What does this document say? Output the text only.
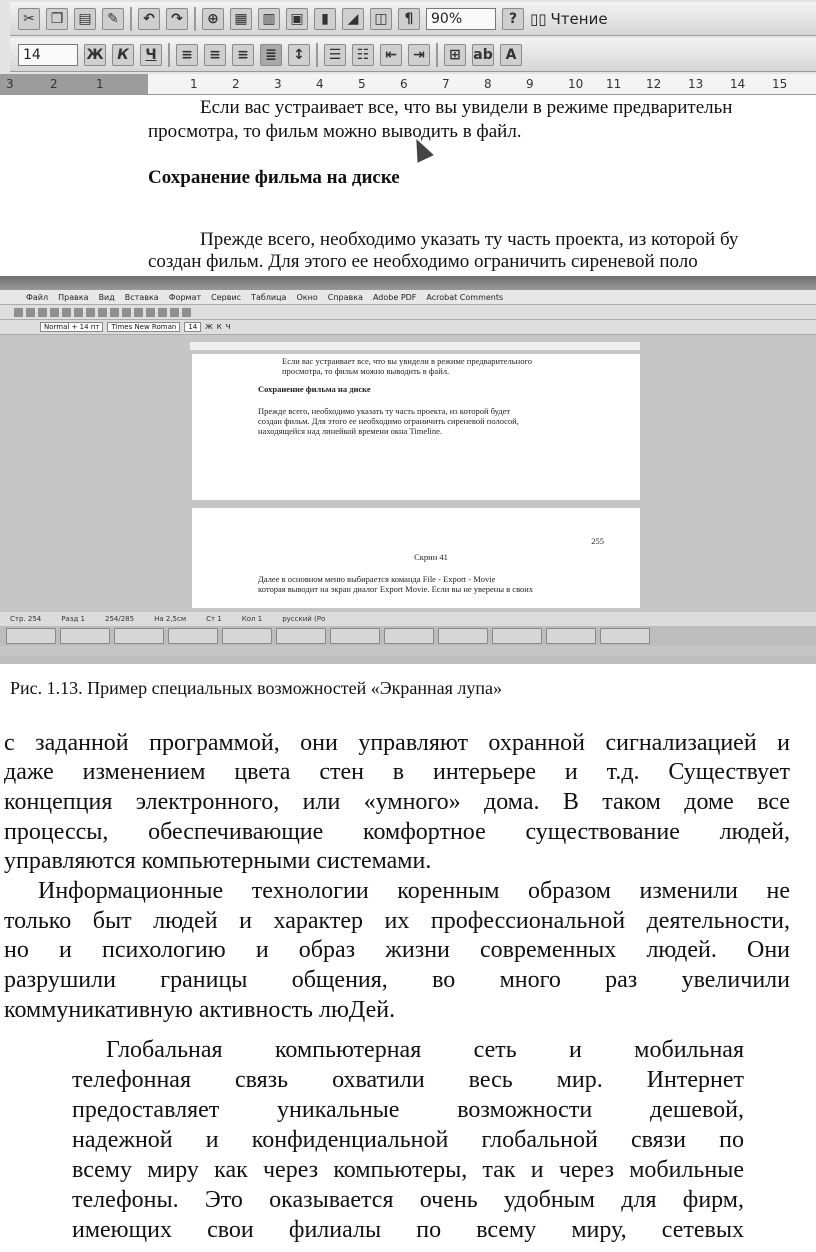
✂	❐	▤	✎	↶	↷	⊕	▦	▥	▣	▮	◢	◫	¶	90%	? ▯▯ Чтение
14	Ж К	Ч	≡	≡	≡	≣	↕	☰	☷	⇤	⇥	⊞ ab A
3	2	1	1	2	3	4	5	6	7	8	9	10 11 12 13 14 15

Если вас устраивает все, что вы увидели в режиме предварительн

просмотра, то фильм можно выводить в файл.

Сохранение фильма на диске

Прежде всего, необходимо указать ту часть проекта, из которой бу

создан фильм. Для этого ее необходимо ограничить сиреневой поло

Файл Правка Вид Вставка Формат Сервис Таблица Окно Справка Adobe PDF Acrobat Comments
Normal + 14 пт	Times New Roman	14	Ж К Ч

Если вас устраивает все, что вы увидели в режиме предварительного

просмотра, то фильм можно выводить в файл.

Сохранение фильма на диске

Прежде всего, необходимо указать ту часть проекта, из которой будет

создан фильм. Для этого ее необходимо ограничить сиреневой полосой,

находящейся над линейкой времени окна Timeline.

255

Скрин 41

Далее в основном меню выбирается команда File - Export - Movie

которая выводит на экран диалог Export Movie. Если вы не уверены в своих

Стр. 254	Разд 1	254/285	На 2,5см	Ст 1	Кол 1	русский (Ро
Рис. 1.13. Пример специальных возможностей «Экранная лупа»

с заданной программой, они управляют охранной сигнализацией и

даже изменением цвета стен в интерьере и т.д. Существует

концепция электронного, или «умного» дома. В таком доме все

процессы, обеспечивающие комфортное существование людей,

управляются компьютерными системами.

Информационные технологии коренным образом изменили не

только быт людей и характер их профессиональной деятельности,

но и психологию и образ жизни современных людей. Они

разрушили границы общения, во много раз увеличили

коммуникативную активность люДей.

Глобальная компьютерная сеть и мобильная

телефонная связь охватили весь мир. Интернет

предоставляет уникальные возможности дешевой,

надежной и конфиденциальной глобальной связи по

всему миру как через компьютеры, так и через мобильные

телефоны. Это оказывается очень удобным для фирм,

имеющих свои филиалы по всему миру, сетевых
